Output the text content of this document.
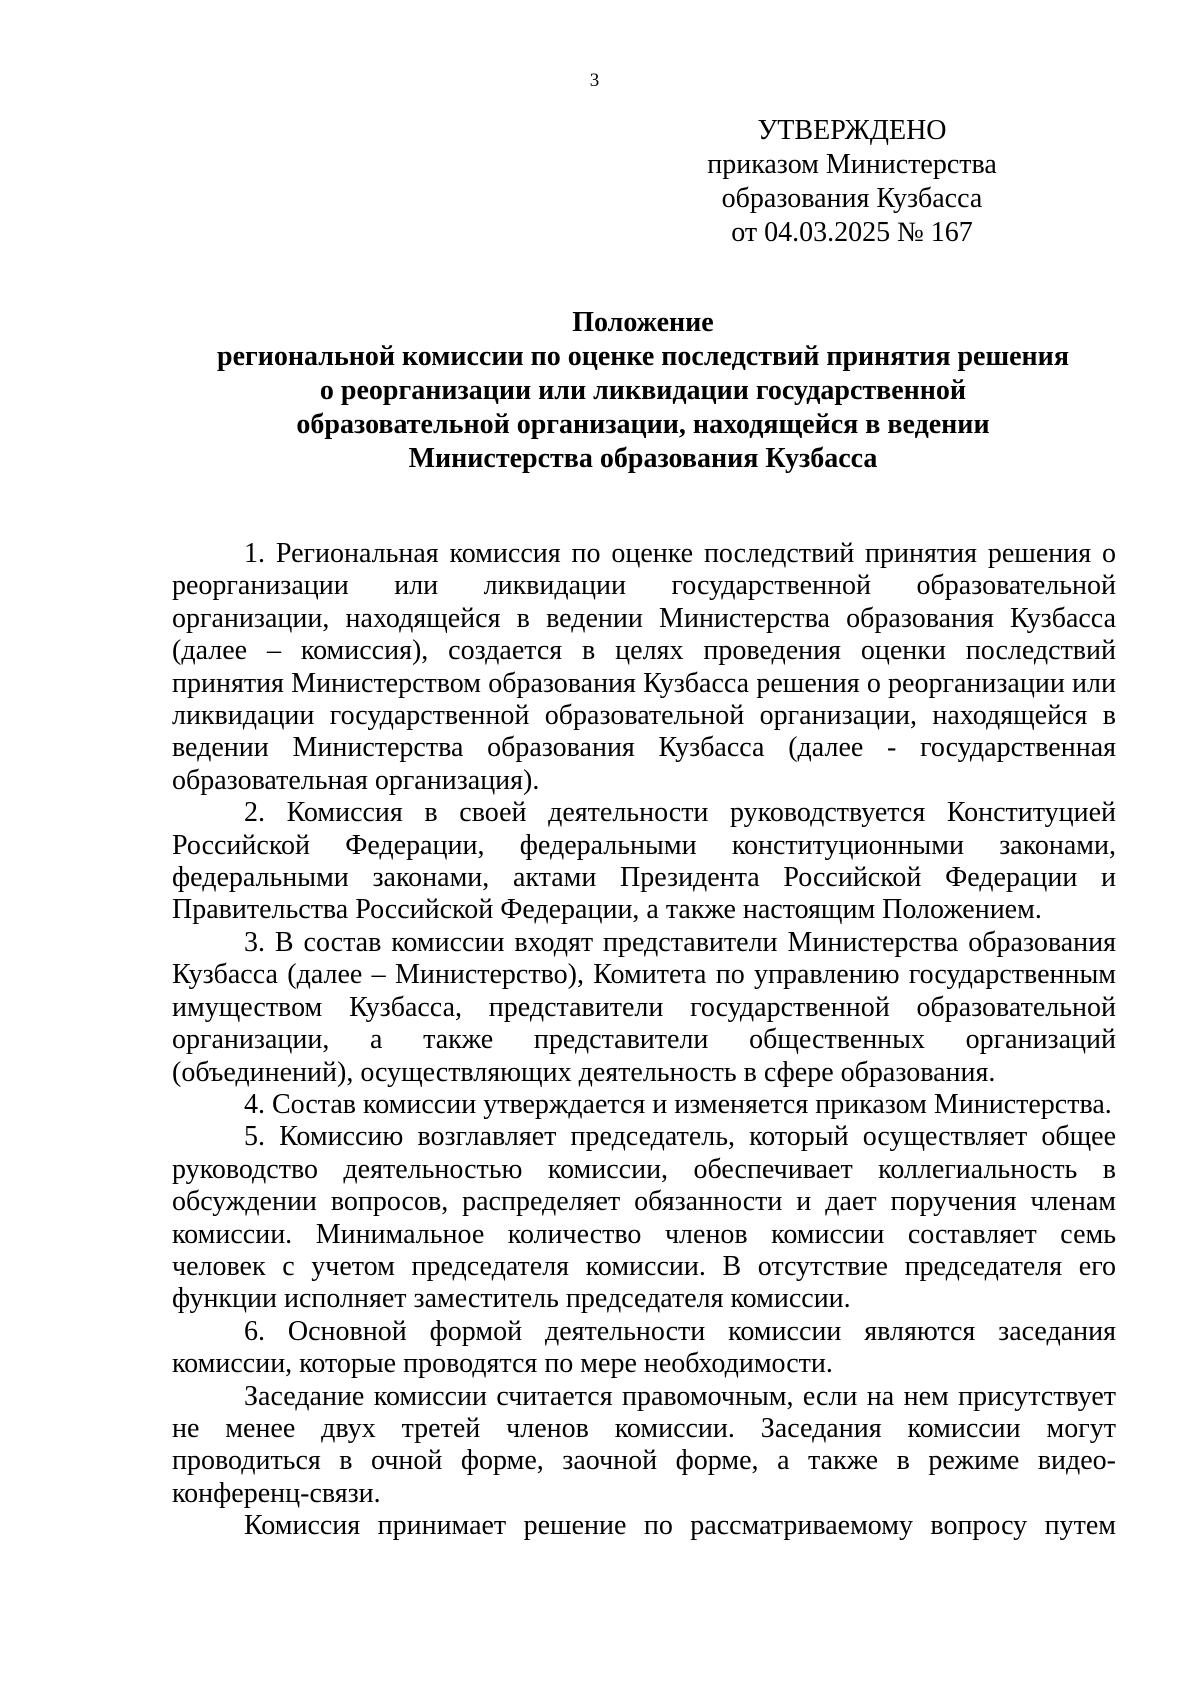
3
УТВЕРЖДЕНО
приказом Министерства
образования Кузбасса
от 04.03.2025 № 167
Положение
региональной комиссии по оценке последствий принятия решения
о реорганизации или ликвидации государственной
образовательной организации, находящейся в ведении
Министерства образования Кузбасса

1. Региональная комиссия по оценке последствий принятия решения о реорганизации или ликвидации государственной образовательной организации, находящейся в ведении Министерства образования Кузбасса (далее – комиссия), создается в целях проведения оценки последствий принятия Министерством образования Кузбасса решения о реорганизации или ликвидации государственной образовательной организации, находящейся в ведении Министерства образования Кузбасса (далее - государственная образовательная организация).

2. Комиссия в своей деятельности руководствуется Конституцией Российской Федерации, федеральными конституционными законами, федеральными законами, актами Президента Российской Федерации и Правительства Российской Федерации, а также настоящим Положением.

3. В состав комиссии входят представители Министерства образования Кузбасса (далее – Министерство), Комитета по управлению государственным имуществом Кузбасса, представители государственной образовательной организации, а также представители общественных организаций (объединений), осуществляющих деятельность в сфере образования.

4. Состав комиссии утверждается и изменяется приказом Министерства.

5. Комиссию возглавляет председатель, который осуществляет общее руководство деятельностью комиссии, обеспечивает коллегиальность в обсуждении вопросов, распределяет обязанности и дает поручения членам комиссии. Минимальное количество членов комиссии составляет семь человек с учетом председателя комиссии. В отсутствие председателя его функции исполняет заместитель председателя комиссии.

6. Основной формой деятельности комиссии являются заседания комиссии, которые проводятся по мере необходимости.

Заседание комиссии считается правомочным, если на нем присутствует не менее двух третей членов комиссии. Заседания комиссии могут проводиться в очной форме, заочной форме, а также в режиме видео-конференц-связи.

Комиссия принимает решение по рассматриваемому вопросу путем
